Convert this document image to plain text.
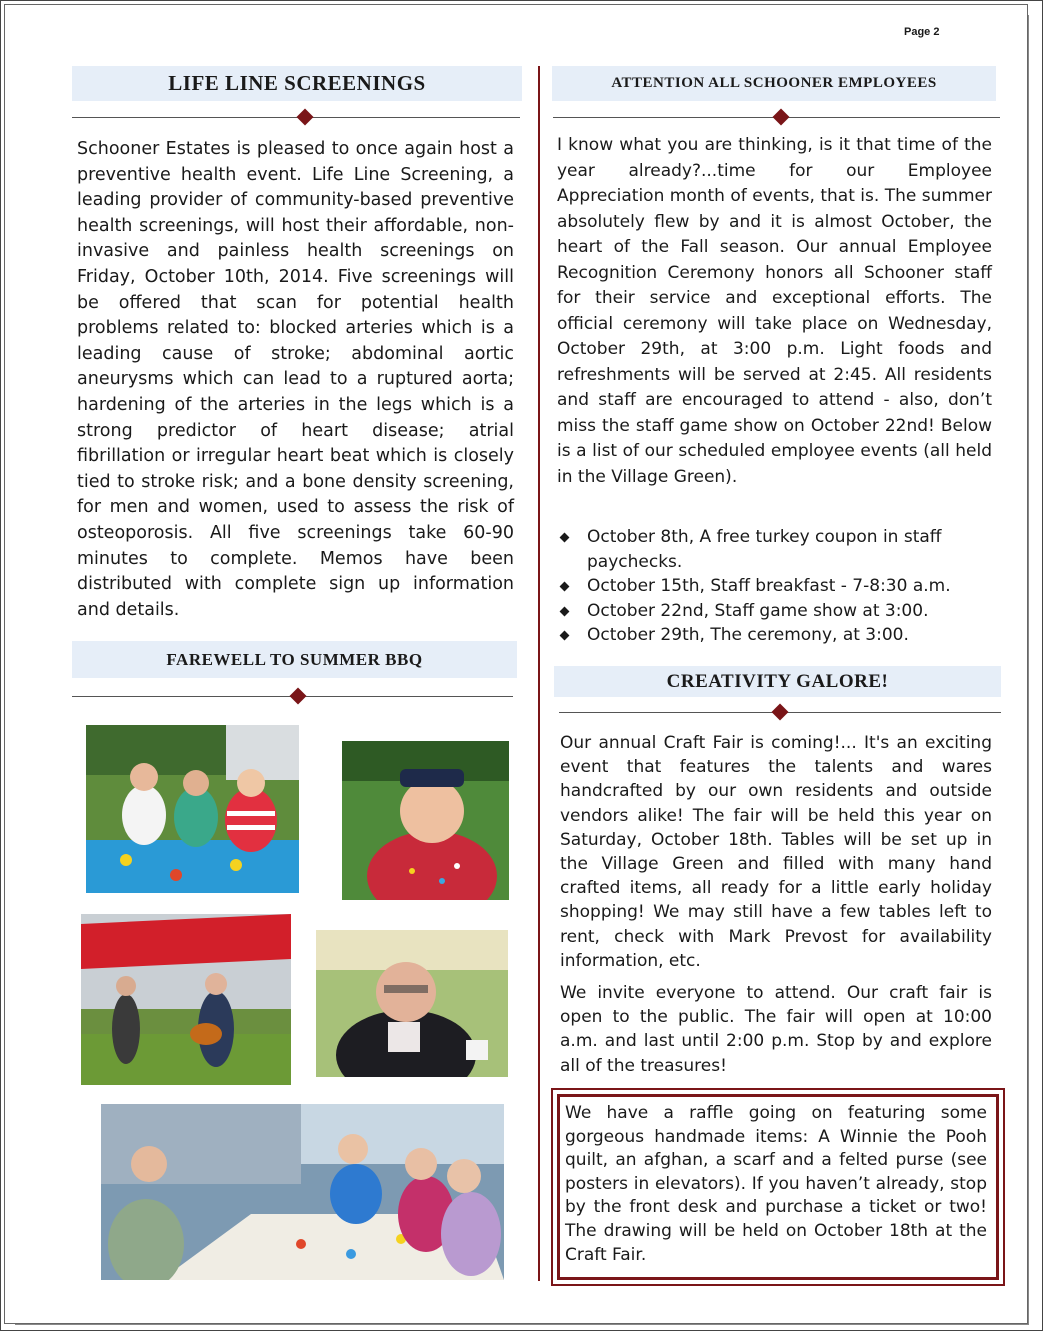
Page 2
LIFE LINE SCREENINGS
Schooner Estates is pleased to once again host a preventive health event. Life Line Screening, a leading provider of community-based preventive health screenings, will host their affordable, non-invasive and painless health screenings on Friday, October 10th, 2014. Five screenings will be offered that scan for potential health problems related to: blocked arteries which is a leading cause of stroke; abdominal aortic aneurysms which can lead to a ruptured aorta; hardening of the arteries in the legs which is a strong predictor of heart disease; atrial fibrillation or irregular heart beat which is closely tied to stroke risk; and a bone density screening, for men and women, used to assess the risk of osteoporosis. All five screenings take 60-90 minutes to complete. Memos have been distributed with complete sign up information and details.
FAREWELL TO SUMMER BBQ
ATTENTION ALL SCHOONER EMPLOYEES
I know what you are thinking, is it that time of the year already?...time for our Employee Appreciation month of events, that is. The summer absolutely flew by and it is almost October, the heart of the Fall season. Our annual Employee Recognition Ceremony honors all Schooner staff for their service and exceptional efforts. The official ceremony will take place on Wednesday, October 29th, at 3:00 p.m. Light foods and refreshments will be served at 2:45. All residents and staff are encouraged to attend - also, don’t miss the staff game show on October 22nd! Below is a list of our scheduled employee events (all held in the Village Green).
October 8th, A free turkey coupon in staff paychecks.
October 15th, Staff breakfast - 7-8:30 a.m.
October 22nd, Staff game show at 3:00.
October 29th, The ceremony, at 3:00.
CREATIVITY GALORE!
Our annual Craft Fair is coming!... It's an exciting event that features the talents and wares handcrafted by our own residents and outside vendors alike! The fair will be held this year on Saturday, October 18th. Tables will be set up in the Village Green and filled with many hand crafted items, all ready for a little early holiday shopping! We may still have a few tables left to rent, check with Mark Prevost for availability information, etc.
We invite everyone to attend. Our craft fair is open to the public. The fair will open at 10:00 a.m. and last until 2:00 p.m. Stop by and explore all of the treasures!
We have a raffle going on featuring some gorgeous handmade items: A Winnie the Pooh quilt, an afghan, a scarf and a felted purse (see posters in elevators). If you haven’t already, stop by the front desk and purchase a ticket or two! The drawing will be held on October 18th at the Craft Fair.
